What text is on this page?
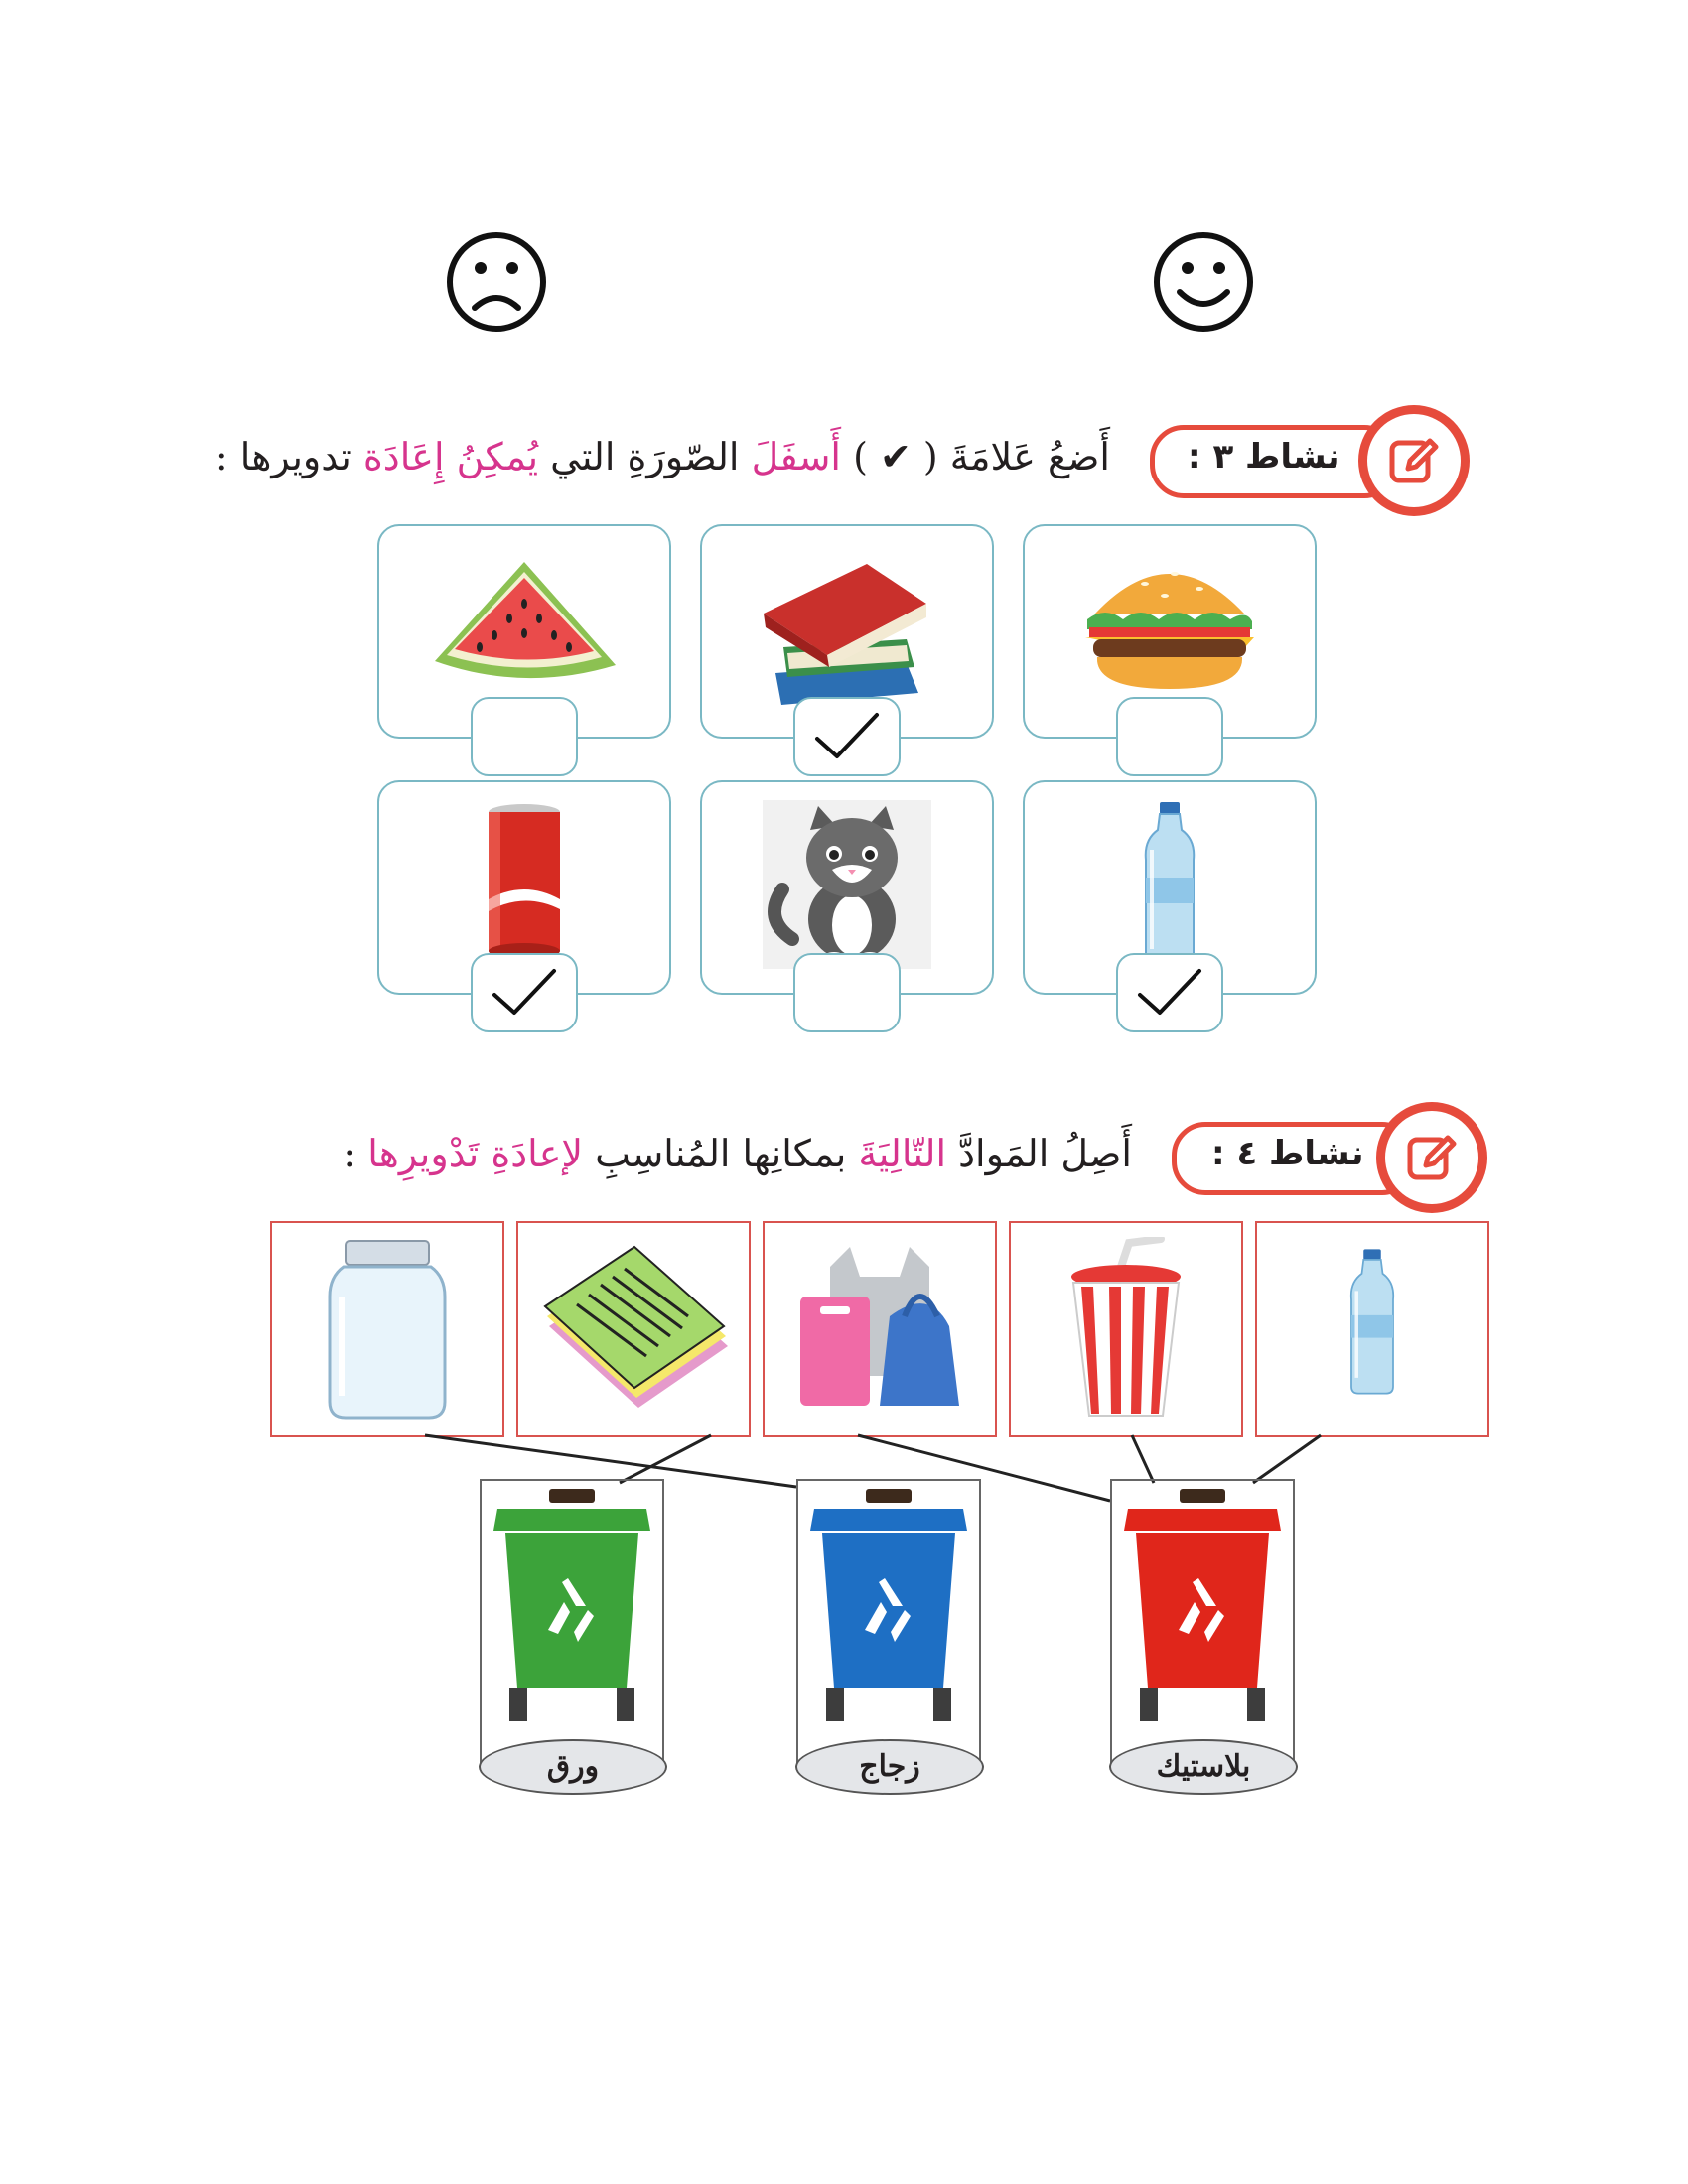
نشاط ٣ :
أَضعُ عَلامَةَ ( ✔ ) أَسفَلَ الصّورَةِ التي يُمكِنُ إِعَادَة تدويرها :
نشاط ٤ :
أَصِلُ المَوادَّ التّالِيَةَ بمكانِها المُناسِبِ لإعادَةِ تَدْويرِها :
ورق	زجاج	بلاستيك
